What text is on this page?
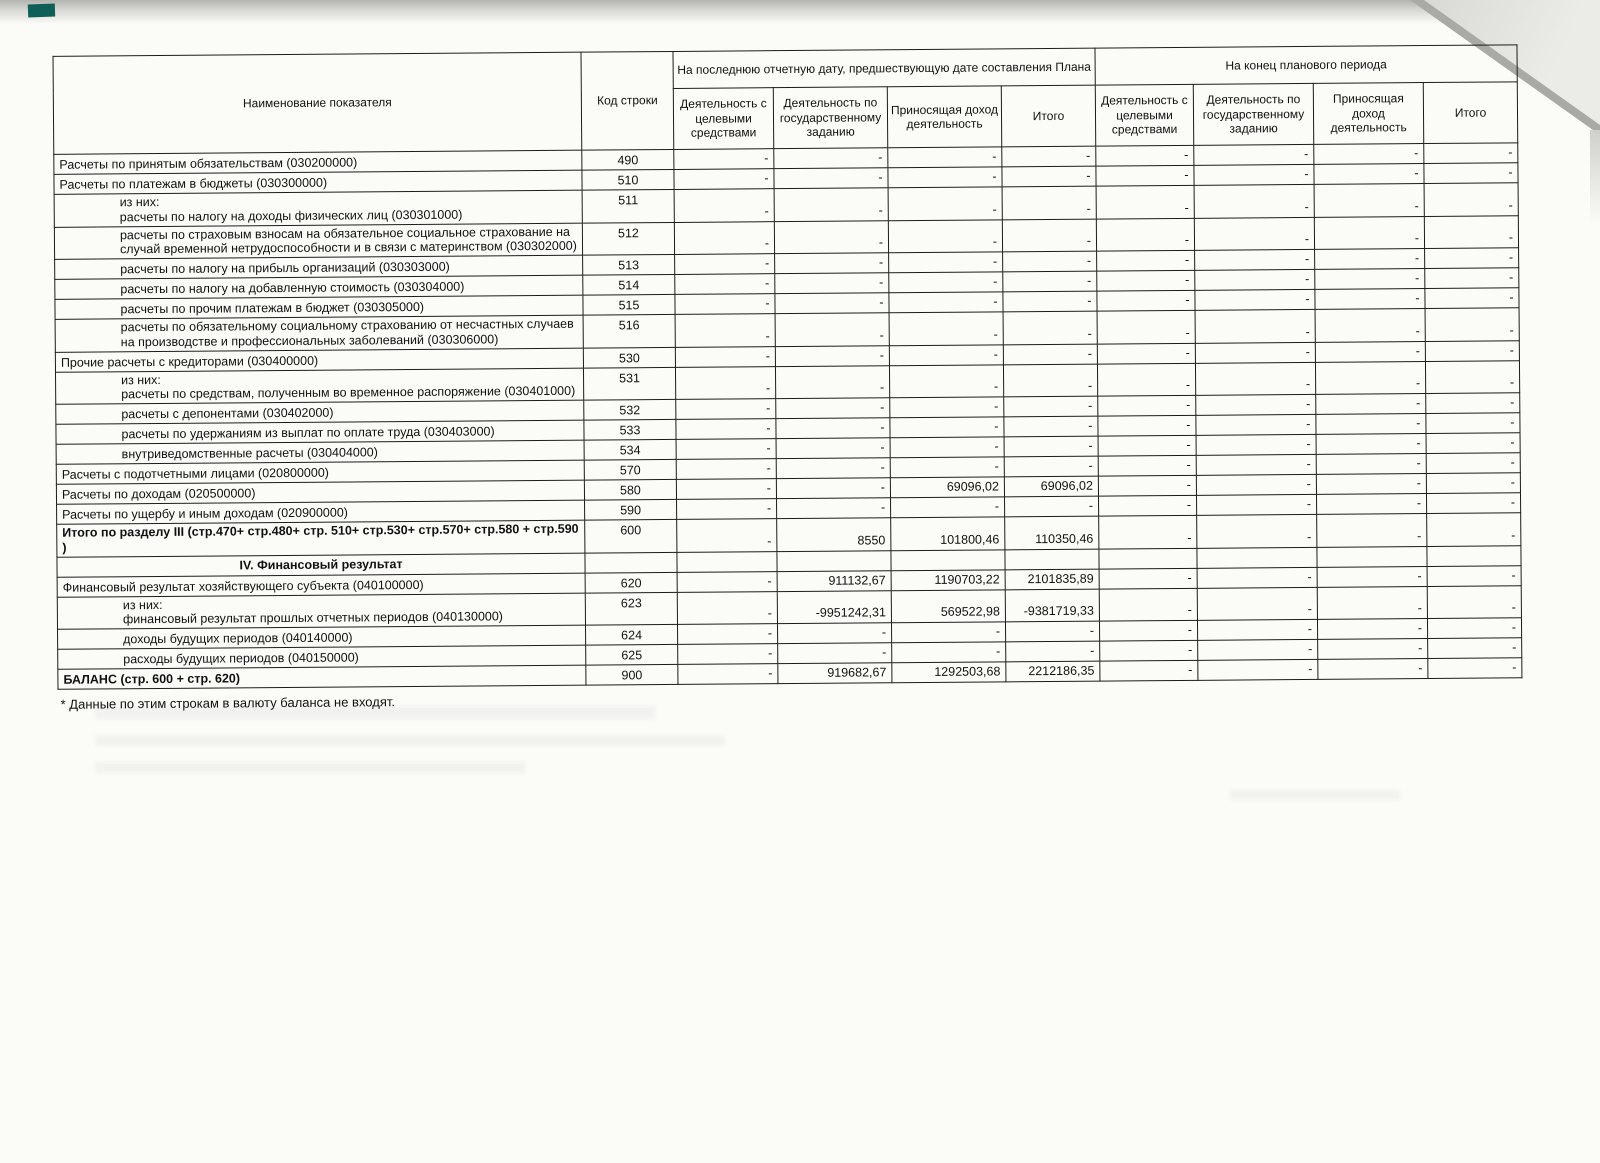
Наименование показателя	Код строки	На последнюю отчетную дату, предшествующую дате составления Плана				На конец планового периода			
		Деятельность с целевыми средствами	Деятельность по государственному заданию	Приносящая доход деятельность	Итого	Деятельность с целевыми средствами	Деятельность по государственному заданию	Приносящая доход деятельность	Итого

Расчеты по принятым обязательствам (030200000)	490	-	-	-	-	-	-	-	-

Расчеты по платежам в бюджеты (030300000)	510	-	-	-	-	-	-	-	-

из них:
расчеты по налогу на доходы физических лиц (030301000)	511	-	-	-	-	-	-	-	-

расчеты по страховым взносам на обязательное социальное страхование на случай временной нетрудоспособности и в связи с материнством (030302000)	512	-	-	-	-	-	-	-	-

расчеты по налогу на прибыль организаций (030303000)	513	-	-	-	-	-	-	-	-

расчеты по налогу на добавленную стоимость (030304000)	514	-	-	-	-	-	-	-	-

расчеты по прочим платежам в бюджет (030305000)	515	-	-	-	-	-	-	-	-

расчеты по обязательному социальному страхованию от несчастных случаев на производстве и профессиональных заболеваний (030306000)	516	-	-	-	-	-	-	-	-

Прочие расчеты с кредиторами (030400000)	530	-	-	-	-	-	-	-	-

из них:
расчеты по средствам, полученным во временное распоряжение (030401000)	531	-	-	-	-	-	-	-	-

расчеты с депонентами (030402000)	532	-	-	-	-	-	-	-	-

расчеты по удержаниям из выплат по оплате труда (030403000)	533	-	-	-	-	-	-	-	-

внутриведомственные расчеты (030404000)	534	-	-	-	-	-	-	-	-

Расчеты с подотчетными лицами (020800000)	570	-	-	-	-	-	-	-	-

Расчеты по доходам (020500000)	580	-	-	69096,02	69096,02	-	-	-	-

Расчеты по ущербу и иным доходам (020900000)	590	-	-	-	-	-	-	-	-

Итого по разделу III (стр.470+ стр.480+ стр. 510+ стр.530+ стр.570+ стр.580 + стр.590 )	600	-	8550	101800,46	110350,46	-	-	-	-
IV. Финансовый результат									

Финансовый результат хозяйствующего субъекта (040100000)	620	-	911132,67	1190703,22	2101835,89	-	-	-	-

из них:
финансовый результат прошлых отчетных периодов (040130000)	623	-	-9951242,31	569522,98	-9381719,33	-	-	-	-

доходы будущих периодов (040140000)	624	-	-	-	-	-	-	-	-

расходы будущих периодов (040150000)	625	-	-	-	-	-	-	-	-

БАЛАНС (стр. 600 + стр. 620)	900	-	919682,67	1292503,68	2212186,35	-	-	-	-
* Данные по этим строкам в валюту баланса не входят.
